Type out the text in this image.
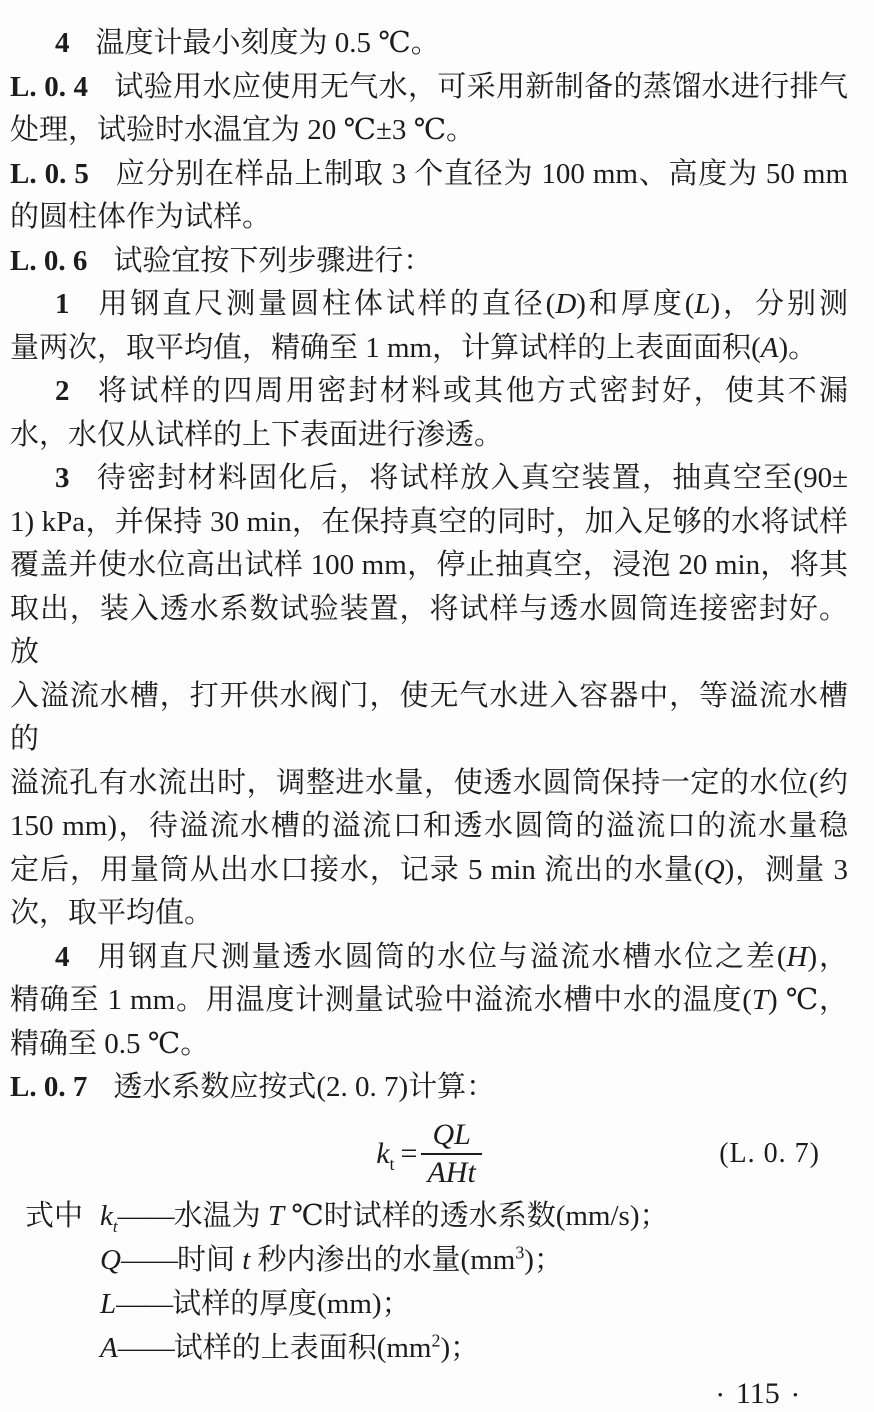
4 温度计最小刻度为 0.5 ℃。

L. 0. 4 试验用水应使用无气水，可采用新制备的蒸馏水进行排气

处理，试验时水温宜为 20 ℃±3 ℃。

L. 0. 5 应分别在样品上制取 3 个直径为 100 mm、高度为 50 mm

的圆柱体作为试样。

L. 0. 6 试验宜按下列步骤进行：

1 用钢直尺测量圆柱体试样的直径(D)和厚度(L)，分别测

量两次，取平均值，精确至 1 mm，计算试样的上表面面积(A)。

2 将试样的四周用密封材料或其他方式密封好，使其不漏

水，水仅从试样的上下表面进行渗透。

3 待密封材料固化后，将试样放入真空装置，抽真空至(90±

1) kPa，并保持 30 min，在保持真空的同时，加入足够的水将试样

覆盖并使水位高出试样 100 mm，停止抽真空，浸泡 20 min，将其

取出，装入透水系数试验装置，将试样与透水圆筒连接密封好。放

入溢流水槽，打开供水阀门，使无气水进入容器中，等溢流水槽的

溢流孔有水流出时，调整进水量，使透水圆筒保持一定的水位(约

150 mm)，待溢流水槽的溢流口和透水圆筒的溢流口的流水量稳

定后，用量筒从出水口接水，记录 5 min 流出的水量(Q)，测量 3

次，取平均值。

4 用钢直尺测量透水圆筒的水位与溢流水槽水位之差(H)，

精确至 1 mm。用温度计测量试验中溢流水槽中水的温度(T) ℃，

精确至 0.5 ℃。

L. 0. 7 透水系数应按式(2. 0. 7)计算：

$k_t = \frac{QL}{\text{AHt}}$	(L. 0. 7)

式中 $k_t——$水温为 T ℃时试样的透水系数(mm/s)；

Q——时间 t 秒内渗出的水量$(mm^3)$；

L——试样的厚度(mm)；

A——试样的上表面积$(mm^2)$；

• 115 •
